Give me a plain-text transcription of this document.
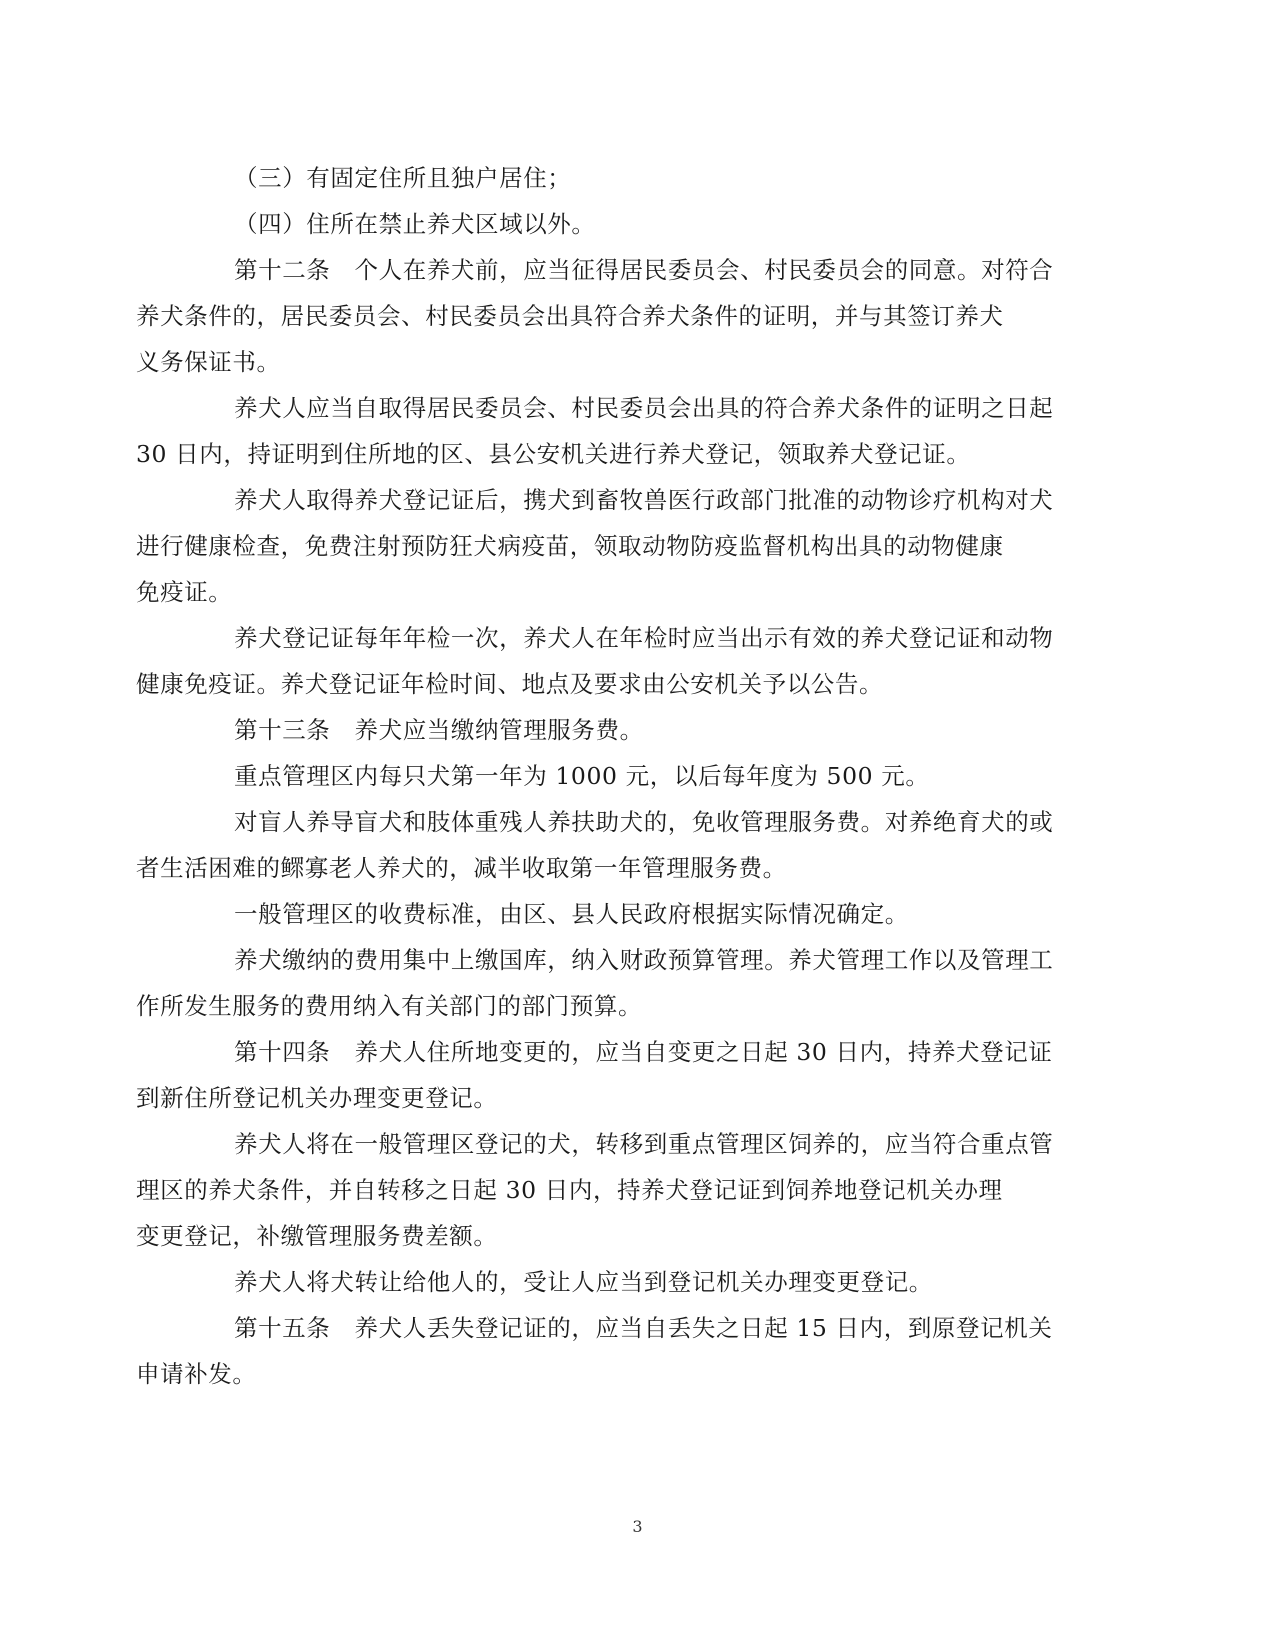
（三）有固定住所且独户居住；

（四）住所在禁止养犬区域以外。

第十二条　个人在养犬前，应当征得居民委员会、村民委员会的同意。对符合
养犬条件的，居民委员会、村民委员会出具符合养犬条件的证明，并与其签订养犬
义务保证书。

养犬人应当自取得居民委员会、村民委员会出具的符合养犬条件的证明之日起
30 日内，持证明到住所地的区、县公安机关进行养犬登记，领取养犬登记证。

养犬人取得养犬登记证后，携犬到畜牧兽医行政部门批准的动物诊疗机构对犬
进行健康检查，免费注射预防狂犬病疫苗，领取动物防疫监督机构出具的动物健康
免疫证。

养犬登记证每年年检一次，养犬人在年检时应当出示有效的养犬登记证和动物
健康免疫证。养犬登记证年检时间、地点及要求由公安机关予以公告。

第十三条　养犬应当缴纳管理服务费。

重点管理区内每只犬第一年为 1000 元，以后每年度为 500 元。

对盲人养导盲犬和肢体重残人养扶助犬的，免收管理服务费。对养绝育犬的或
者生活困难的鳏寡老人养犬的，减半收取第一年管理服务费。

一般管理区的收费标准，由区、县人民政府根据实际情况确定。

养犬缴纳的费用集中上缴国库，纳入财政预算管理。养犬管理工作以及管理工
作所发生服务的费用纳入有关部门的部门预算。

第十四条　养犬人住所地变更的，应当自变更之日起 30 日内，持养犬登记证
到新住所登记机关办理变更登记。

养犬人将在一般管理区登记的犬，转移到重点管理区饲养的，应当符合重点管
理区的养犬条件，并自转移之日起 30 日内，持养犬登记证到饲养地登记机关办理
变更登记，补缴管理服务费差额。

养犬人将犬转让给他人的，受让人应当到登记机关办理变更登记。

第十五条　养犬人丢失登记证的，应当自丢失之日起 15 日内，到原登记机关
申请补发。

3
